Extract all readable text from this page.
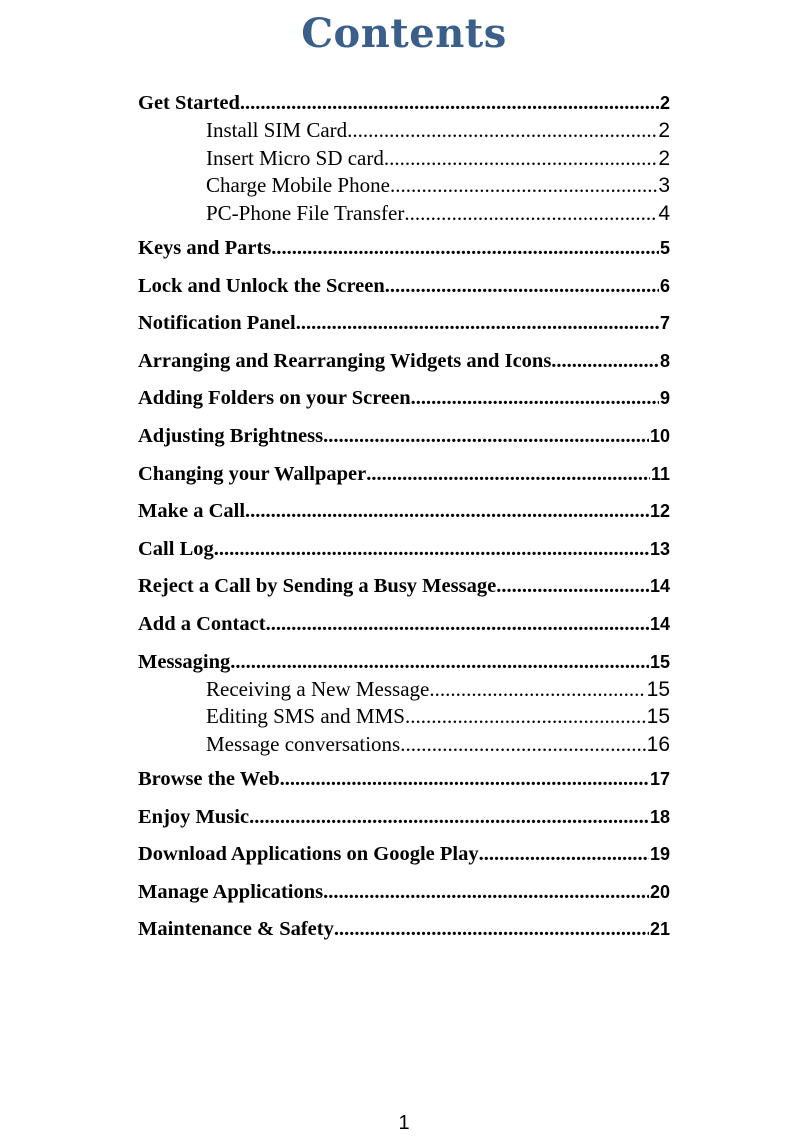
Contents
Get Started .....	2
Install SIM Card .....	2
Insert Micro SD card .....	2
Charge Mobile Phone .....	3
PC-Phone File Transfer .....	4
Keys and Parts .....	5
Lock and Unlock the Screen .....	6
Notification Panel .....	7
Arranging and Rearranging Widgets and Icons .....	8
Adding Folders on your Screen .....	9
Adjusting Brightness .....	10
Changing your Wallpaper .....	11
Make a Call .....	12
Call Log .....	13
Reject a Call by Sending a Busy Message .....	14
Add a Contact .....	14
Messaging .....	15
Receiving a New Message .....	15
Editing SMS and MMS .....	15
Message conversations .....	16
Browse the Web .....	17
Enjoy Music .....	18
Download Applications on Google Play .....	19
Manage Applications .....	20
Maintenance & Safety .....	21
1
